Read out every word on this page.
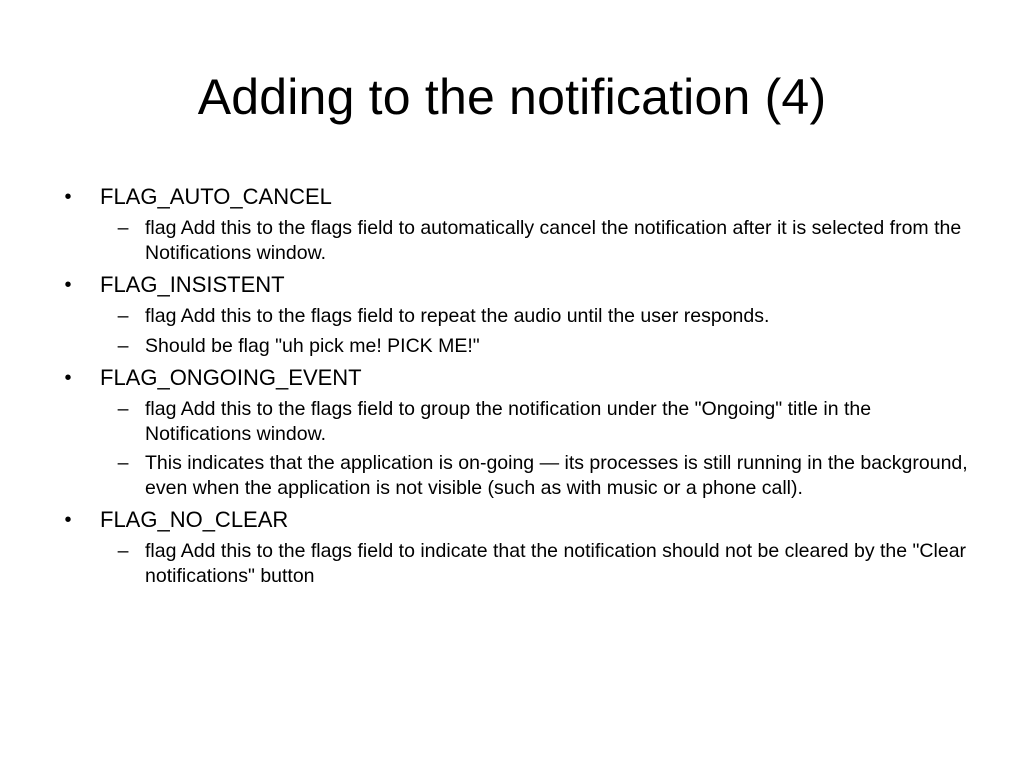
Adding to the notification (4)
• FLAG_AUTO_CANCEL
– flag Add this to the flags field to automatically cancel the notification after it is selected from the Notifications window.
• FLAG_INSISTENT
– flag Add this to the flags field to repeat the audio until the user responds.
– Should be flag "uh pick me! PICK ME!"
• FLAG_ONGOING_EVENT
– flag Add this to the flags field to group the notification under the "Ongoing" title in the Notifications window.
– This indicates that the application is on-going — its processes is still running in the background, even when the application is not visible (such as with music or a phone call).
• FLAG_NO_CLEAR
– flag Add this to the flags field to indicate that the notification should not be cleared by the "Clear notifications" button
